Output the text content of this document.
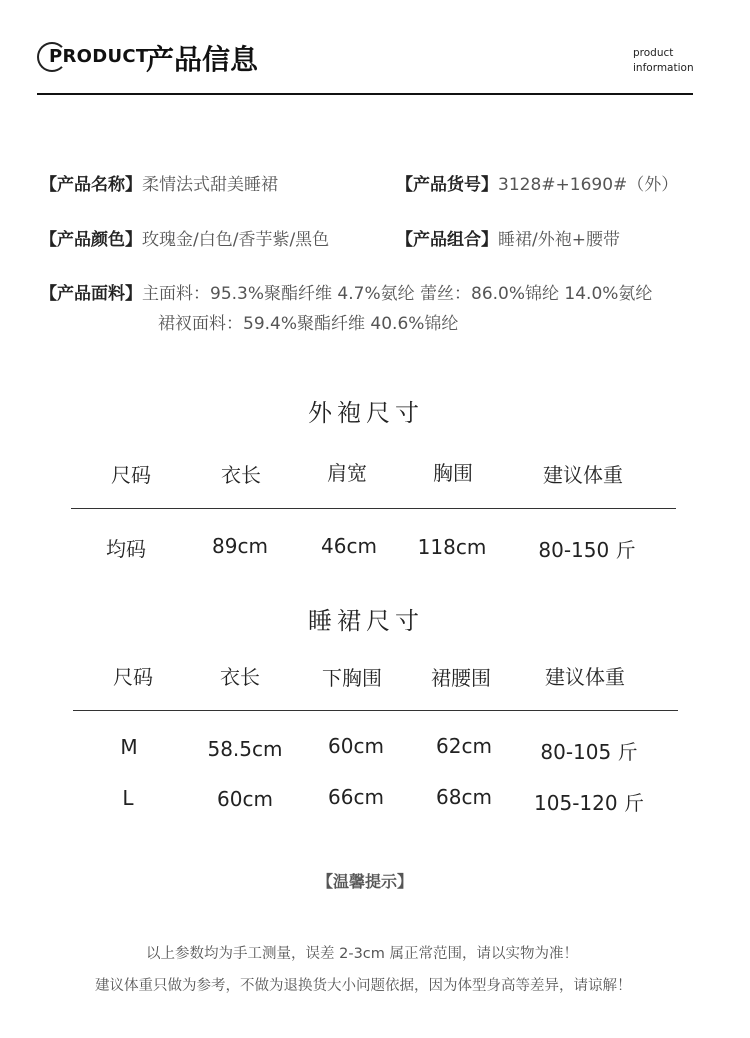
PRODUCT
产品信息	product
information
【产品名称】柔情法式甜美睡裙	【产品货号】3128#+1690#（外）
【产品颜色】玫瑰金/白色/香芋紫/黑色	【产品组合】睡裙/外袍+腰带
【产品面料】主面料：95.3%聚酯纤维 4.7%氨纶 蕾丝：86.0%锦纶 14.0%氨纶
裙衩面料：59.4%聚酯纤维 40.6%锦纶
外袍尺寸
尺码	衣长	肩宽	胸围	建议体重
均码	89cm	46cm	118cm	80-150 斤
睡裙尺寸
尺码	衣长	下胸围	裙腰围	建议体重
M	58.5cm	60cm	62cm	80-105 斤
L	60cm	66cm	68cm	105-120 斤
【温馨提示】
以上参数均为手工测量，误差 2-3cm 属正常范围，请以实物为准！
建议体重只做为参考，不做为退换货大小问题依据，因为体型身高等差异，请谅解！
